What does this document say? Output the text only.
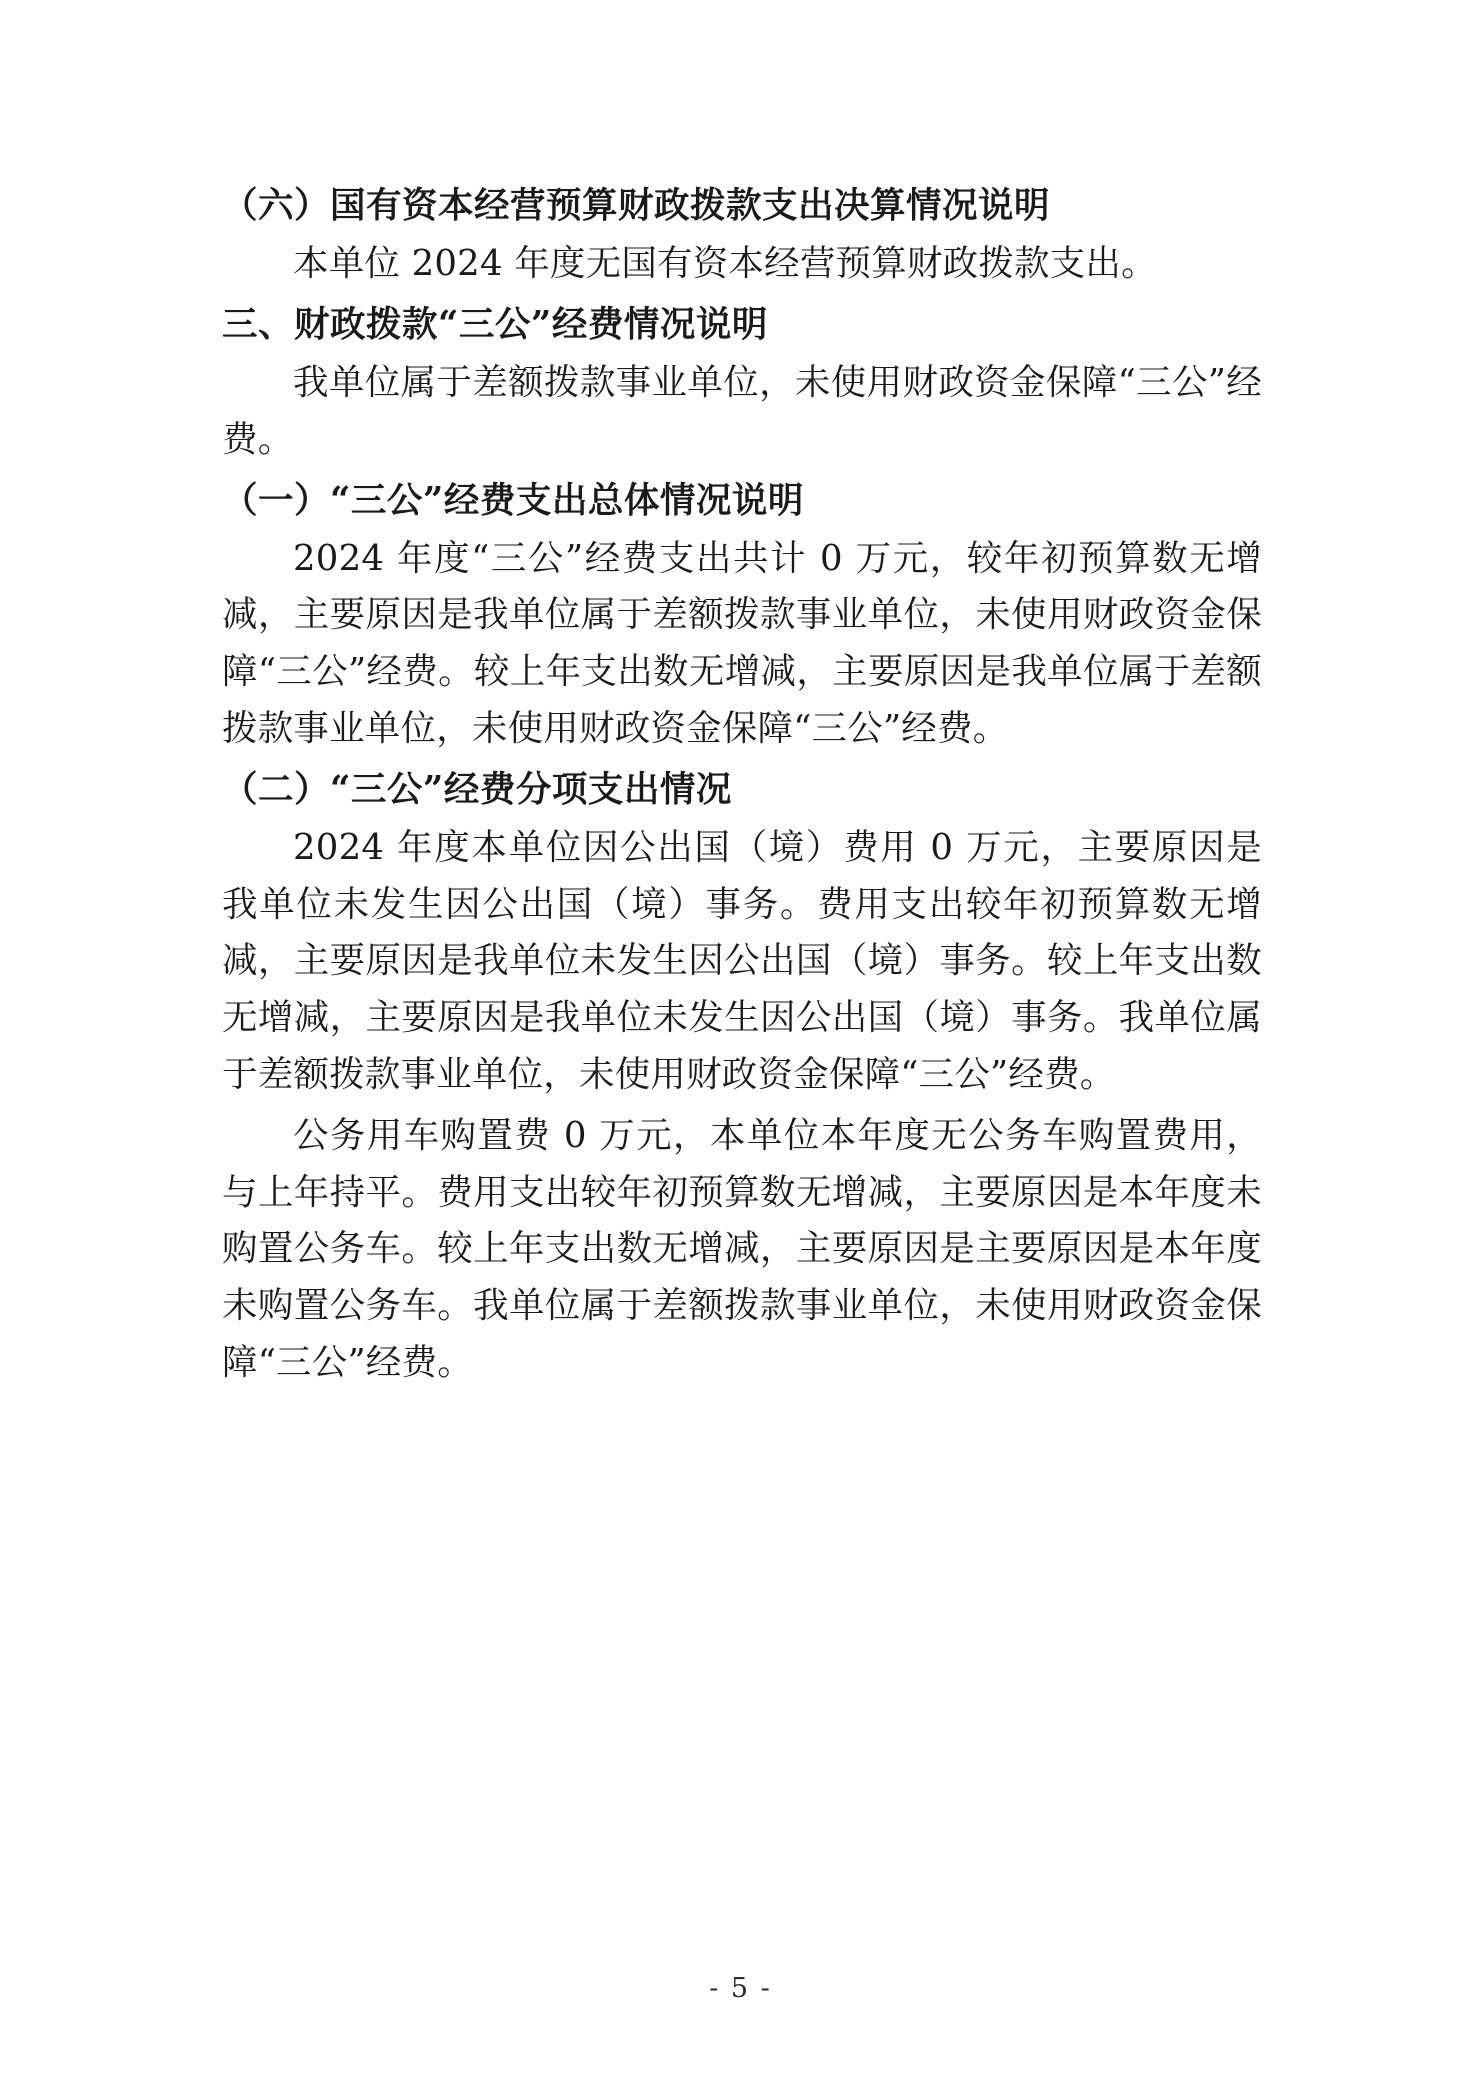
（六）国有资本经营预算财政拨款支出决算情况说明

本单位 2024 年度无国有资本经营预算财政拨款支出。

三、财政拨款“三公”经费情况说明

我单位属于差额拨款事业单位，未使用财政资金保障“三公”经费。

（一）“三公”经费支出总体情况说明

2024 年度“三公”经费支出共计 0 万元，较年初预算数无增减，主要原因是我单位属于差额拨款事业单位，未使用财政资金保障“三公”经费。较上年支出数无增减，主要原因是我单位属于差额拨款事业单位，未使用财政资金保障“三公”经费。

（二）“三公”经费分项支出情况

2024 年度本单位因公出国（境）费用 0 万元，主要原因是我单位未发生因公出国（境）事务。费用支出较年初预算数无增减，主要原因是我单位未发生因公出国（境）事务。较上年支出数无增减，主要原因是我单位未发生因公出国（境）事务。我单位属于差额拨款事业单位，未使用财政资金保障“三公”经费。

公务用车购置费 0 万元，本单位本年度无公务车购置费用，与上年持平。费用支出较年初预算数无增减，主要原因是本年度未购置公务车。较上年支出数无增减，主要原因是主要原因是本年度未购置公务车。我单位属于差额拨款事业单位，未使用财政资金保障“三公”经费。

- 5 -
